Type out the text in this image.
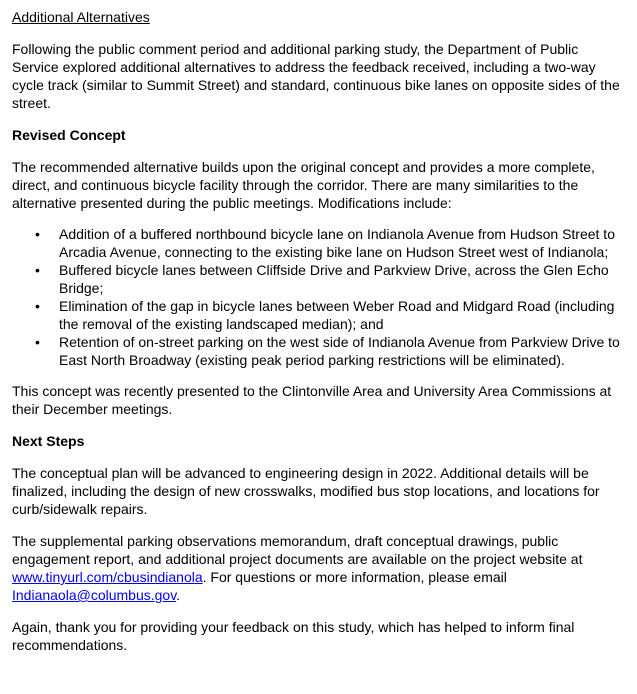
Additional Alternatives

Following the public comment period and additional parking study, the Department of Public Service explored additional alternatives to address the feedback received, including a two-way cycle track (similar to Summit Street) and standard, continuous bike lanes on opposite sides of the street.

Revised Concept

The recommended alternative builds upon the original concept and provides a more complete, direct, and continuous bicycle facility through the corridor. There are many similarities to the alternative presented during the public meetings. Modifications include:

• Addition of a buffered northbound bicycle lane on Indianola Avenue from Hudson Street to Arcadia Avenue, connecting to the existing bike lane on Hudson Street west of Indianola;
• Buffered bicycle lanes between Cliffside Drive and Parkview Drive, across the Glen Echo Bridge;
• Elimination of the gap in bicycle lanes between Weber Road and Midgard Road (including the removal of the existing landscaped median); and
• Retention of on-street parking on the west side of Indianola Avenue from Parkview Drive to East North Broadway (existing peak period parking restrictions will be eliminated).

This concept was recently presented to the Clintonville Area and University Area Commissions at their December meetings.

Next Steps

The conceptual plan will be advanced to engineering design in 2022. Additional details will be finalized, including the design of new crosswalks, modified bus stop locations, and locations for curb/sidewalk repairs.

The supplemental parking observations memorandum, draft conceptual drawings, public engagement report, and additional project documents are available on the project website at www.tinyurl.com/cbusindianola. For questions or more information, please email
Indianaola@columbus.gov.

Again, thank you for providing your feedback on this study, which has helped to inform final recommendations.
